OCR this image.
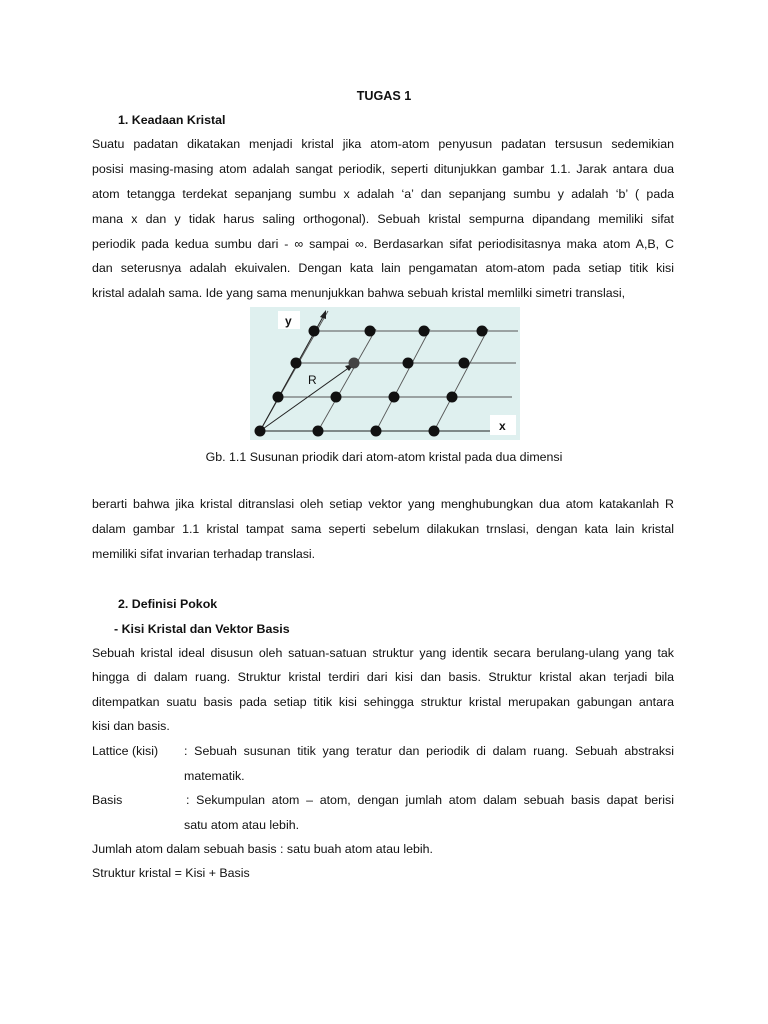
TUGAS 1
1. Keadaan Kristal
Suatu padatan dikatakan menjadi kristal jika atom-atom penyusun padatan tersusun sedemikian
posisi masing-masing atom adalah sangat periodik, seperti ditunjukkan gambar 1.1. Jarak antara dua
atom tetangga terdekat sepanjang sumbu x adalah ‘a’ dan sepanjang sumbu y adalah ‘b’ ( pada
mana x dan y tidak harus saling orthogonal). Sebuah kristal sempurna dipandang memiliki sifat
periodik pada kedua sumbu dari - ∞ sampai ∞. Berdasarkan sifat periodisitasnya maka atom A,B, C
dan seterusnya adalah ekuivalen. Dengan kata lain pengamatan atom-atom pada setiap titik kisi
kristal adalah sama. Ide yang sama menunjukkan bahwa sebuah kristal memlilki simetri translasi,
y
x
R
Gb. 1.1 Susunan priodik dari atom-atom kristal pada dua dimensi
berarti bahwa jika kristal ditranslasi oleh setiap vektor yang menghubungkan dua atom katakanlah R
dalam gambar 1.1 kristal tampat sama seperti sebelum dilakukan trnslasi, dengan kata lain kristal
memiliki sifat invarian terhadap translasi.
2. Definisi Pokok
- Kisi Kristal dan Vektor Basis
Sebuah kristal ideal disusun oleh satuan-satuan struktur yang identik secara berulang-ulang yang tak
hingga di dalam ruang. Struktur kristal terdiri dari kisi dan basis. Struktur kristal akan terjadi bila
ditempatkan suatu basis pada setiap titik kisi sehingga struktur kristal merupakan gabungan antara
kisi dan basis.
Lattice (kisi) : Sebuah susunan titik yang teratur dan periodik di dalam ruang. Sebuah abstraksi
matematik.
Basis	: Sekumpulan atom – atom, dengan jumlah atom dalam sebuah basis dapat berisi
satu atom atau lebih.
Jumlah atom dalam sebuah basis : satu buah atom atau lebih.
Struktur kristal = Kisi + Basis
